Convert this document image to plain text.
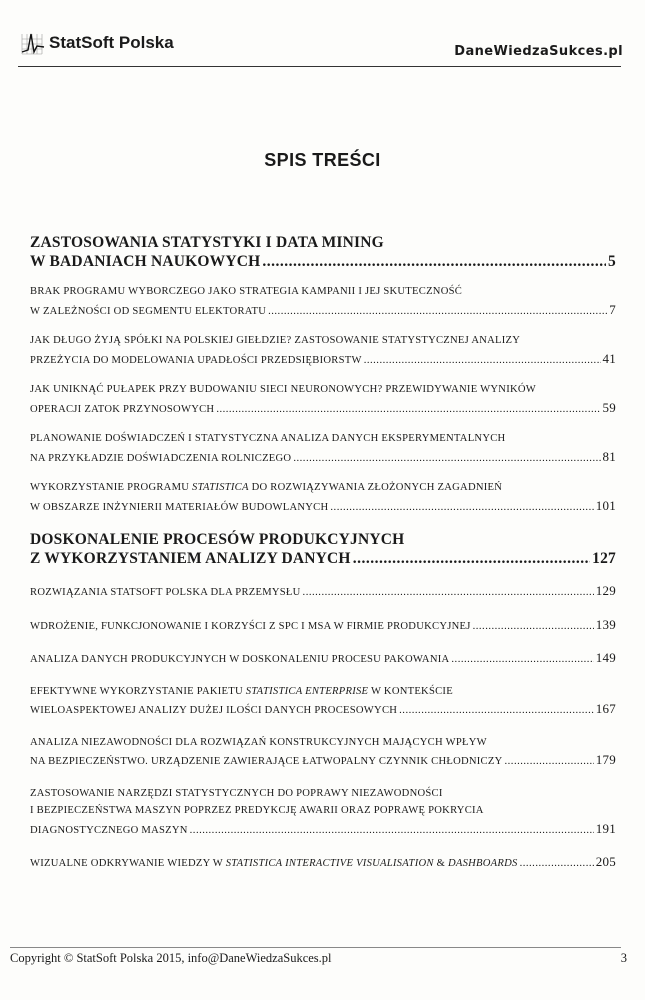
StatSoft Polska	DaneWiedzaSukces.pl
SPIS TREŚCI
ZASTOSOWANIA STATYSTYKI I DATA MINING
W BADANIACH NAUKOWYCH .....	5
BRAK PROGRAMU WYBORCZEGO JAKO STRATEGIA KAMPANII I JEJ SKUTECZNOŚĆ
W ZALEŻNOŚCI OD SEGMENTU ELEKTORATU .....	7
JAK DŁUGO ŻYJĄ SPÓŁKI NA POLSKIEJ GIEŁDZIE? ZASTOSOWANIE STATYSTYCZNEJ ANALIZY
PRZEŻYCIA DO MODELOWANIA UPADŁOŚCI PRZEDSIĘBIORSTW .....	41
JAK UNIKNĄĆ PUŁAPEK PRZY BUDOWANIU SIECI NEURONOWYCH? PRZEWIDYWANIE WYNIKÓW
OPERACJI ZATOK PRZYNOSOWYCH .....	59
PLANOWANIE DOŚWIADCZEŃ I STATYSTYCZNA ANALIZA DANYCH EKSPERYMENTALNYCH
NA PRZYKŁADZIE DOŚWIADCZENIA ROLNICZEGO .....	81
WYKORZYSTANIE PROGRAMU STATISTICA DO ROZWIĄZYWANIA ZŁOŻONYCH ZAGADNIEŃ
W OBSZARZE INŻYNIERII MATERIAŁÓW BUDOWLANYCH .....	101
DOSKONALENIE PROCESÓW PRODUKCYJNYCH
Z WYKORZYSTANIEM ANALIZY DANYCH .....	127
ROZWIĄZANIA STATSOFT POLSKA DLA PRZEMYSŁU .....	129
WDROŻENIE, FUNKCJONOWANIE I KORZYŚCI Z SPC I MSA W FIRMIE PRODUKCYJNEJ .....	139
ANALIZA DANYCH PRODUKCYJNYCH W DOSKONALENIU PROCESU PAKOWANIA .....	149
EFEKTYWNE WYKORZYSTANIE PAKIETU STATISTICA ENTERPRISE W KONTEKŚCIE
WIELOASPEKTOWEJ ANALIZY DUŻEJ ILOŚCI DANYCH PROCESOWYCH .....	167
ANALIZA NIEZAWODNOŚCI DLA ROZWIĄZAŃ KONSTRUKCYJNYCH MAJĄCYCH WPŁYW
NA BEZPIECZEŃSTWO. URZĄDZENIE ZAWIERAJĄCE ŁATWOPALNY CZYNNIK CHŁODNICZY .....	179
ZASTOSOWANIE NARZĘDZI STATYSTYCZNYCH DO POPRAWY NIEZAWODNOŚCI
I BEZPIECZEŃSTWA MASZYN POPRZEZ PREDYKCJĘ AWARII ORAZ POPRAWĘ POKRYCIA
DIAGNOSTYCZNEGO MASZYN .....	191
WIZUALNE ODKRYWANIE WIEDZY W STATISTICA INTERACTIVE VISUALISATION & DASHBOARDS .....	205
Copyright © StatSoft Polska 2015, info@DaneWiedzaSukces.pl	3
